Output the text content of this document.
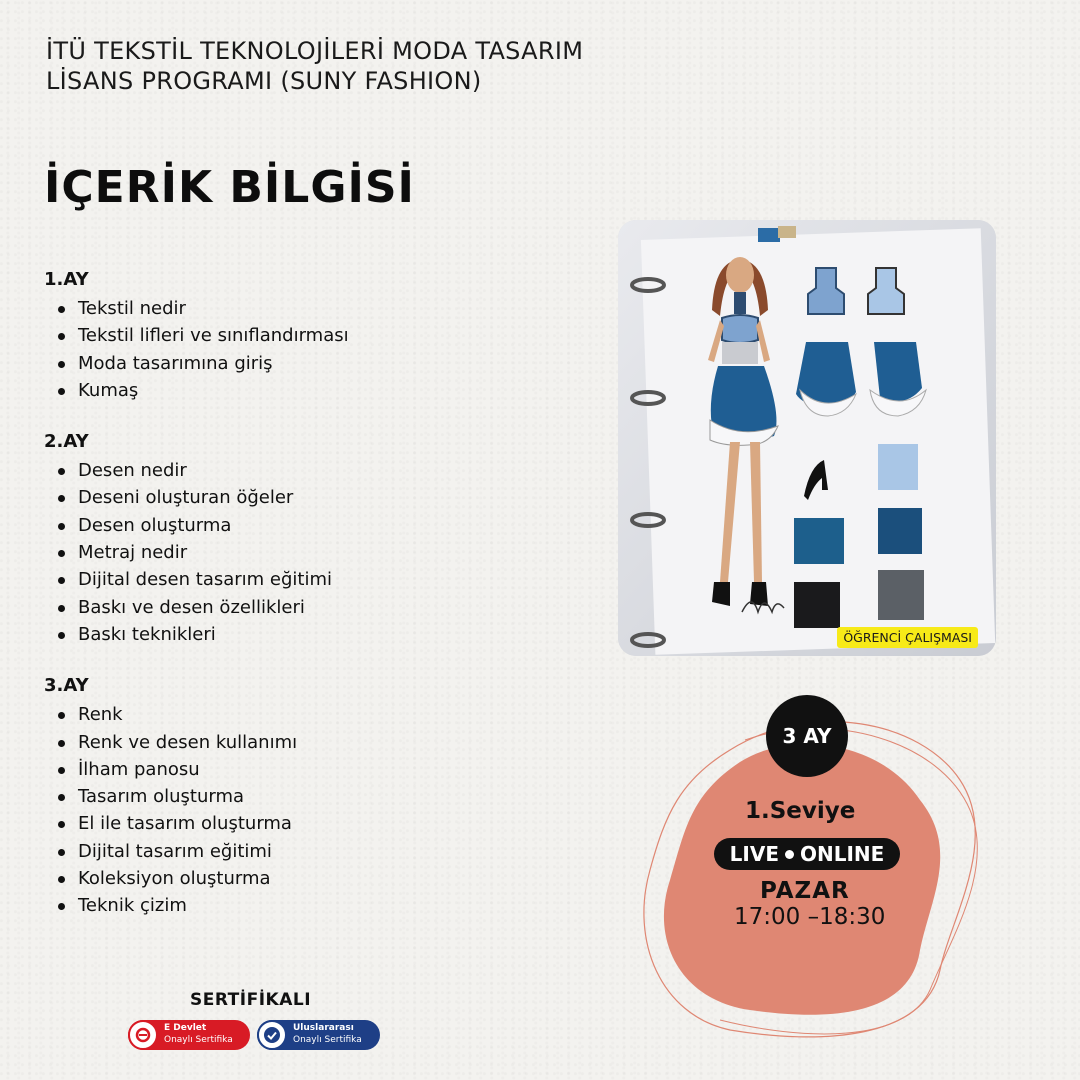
İTÜ TEKSTİL TEKNOLOJİLERİ MODA TASARIM
LİSANS PROGRAMI (SUNY FASHION)
İÇERİK BİLGİSİ
1.AY
Tekstil nedir
Tekstil lifleri ve sınıflandırması
Moda tasarımına giriş
Kumaş
2.AY
Desen nedir
Deseni oluşturan öğeler
Desen oluşturma
Metraj nedir
Dijital desen tasarım eğitimi
Baskı ve desen özellikleri
Baskı teknikleri
3.AY
Renk
Renk ve desen kullanımı
İlham panosu
Tasarım oluşturma
El ile tasarım oluşturma
Dijital tasarım eğitimi
Koleksiyon oluşturma
Teknik çizim
ÖĞRENCİ ÇALIŞMASI
3 AY
1.Seviye
LIVE ONLINE
PAZAR
17:00 –18:30
SERTİFİKALI
E Devlet
Onaylı Sertifika
Uluslararası
Onaylı Sertifika
